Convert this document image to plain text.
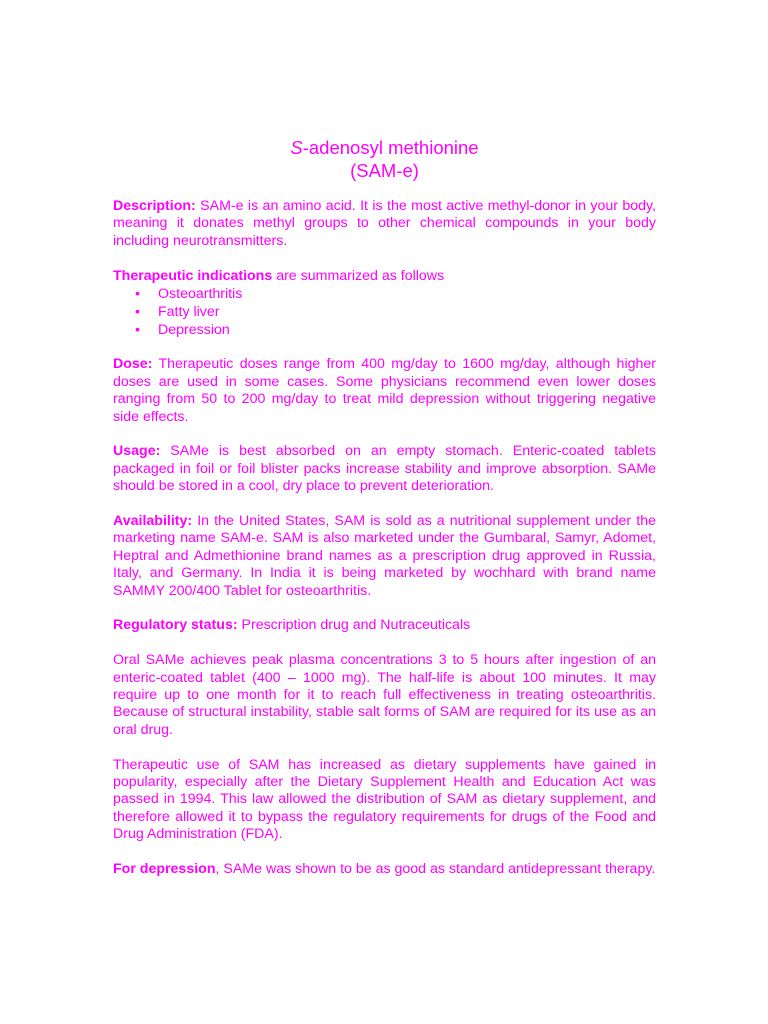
S-adenosyl methionine
(SAM-e)

Description: SAM-e is an amino acid. It is the most active methyl-donor in your body, meaning it donates methyl groups to other chemical compounds in your body including neurotransmitters.

Therapeutic indications are summarized as follows

• Osteoarthritis
• Fatty liver
• Depression

Dose: Therapeutic doses range from 400 mg/day to 1600 mg/day, although higher doses are used in some cases. Some physicians recommend even lower doses ranging from 50 to 200 mg/day to treat mild depression without triggering negative side effects.

Usage: SAMe is best absorbed on an empty stomach. Enteric-coated tablets packaged in foil or foil blister packs increase stability and improve absorption. SAMe should be stored in a cool, dry place to prevent deterioration.

Availability: In the United States, SAM is sold as a nutritional supplement under the marketing name SAM-e. SAM is also marketed under the Gumbaral, Samyr, Adomet, Heptral and Admethionine brand names as a prescription drug approved in Russia, Italy, and Germany. In India it is being marketed by wochhard with brand name SAMMY 200/400 Tablet for osteoarthritis.

Regulatory status: Prescription drug and Nutraceuticals

Oral SAMe achieves peak plasma concentrations 3 to 5 hours after ingestion of an enteric-coated tablet (400 – 1000 mg). The half-life is about 100 minutes. It may require up to one month for it to reach full effectiveness in treating osteoarthritis. Because of structural instability, stable salt forms of SAM are required for its use as an oral drug.

Therapeutic use of SAM has increased as dietary supplements have gained in popularity, especially after the Dietary Supplement Health and Education Act was passed in 1994. This law allowed the distribution of SAM as dietary supplement, and therefore allowed it to bypass the regulatory requirements for drugs of the Food and Drug Administration (FDA).

For depression, SAMe was shown to be as good as standard antidepressant therapy.
